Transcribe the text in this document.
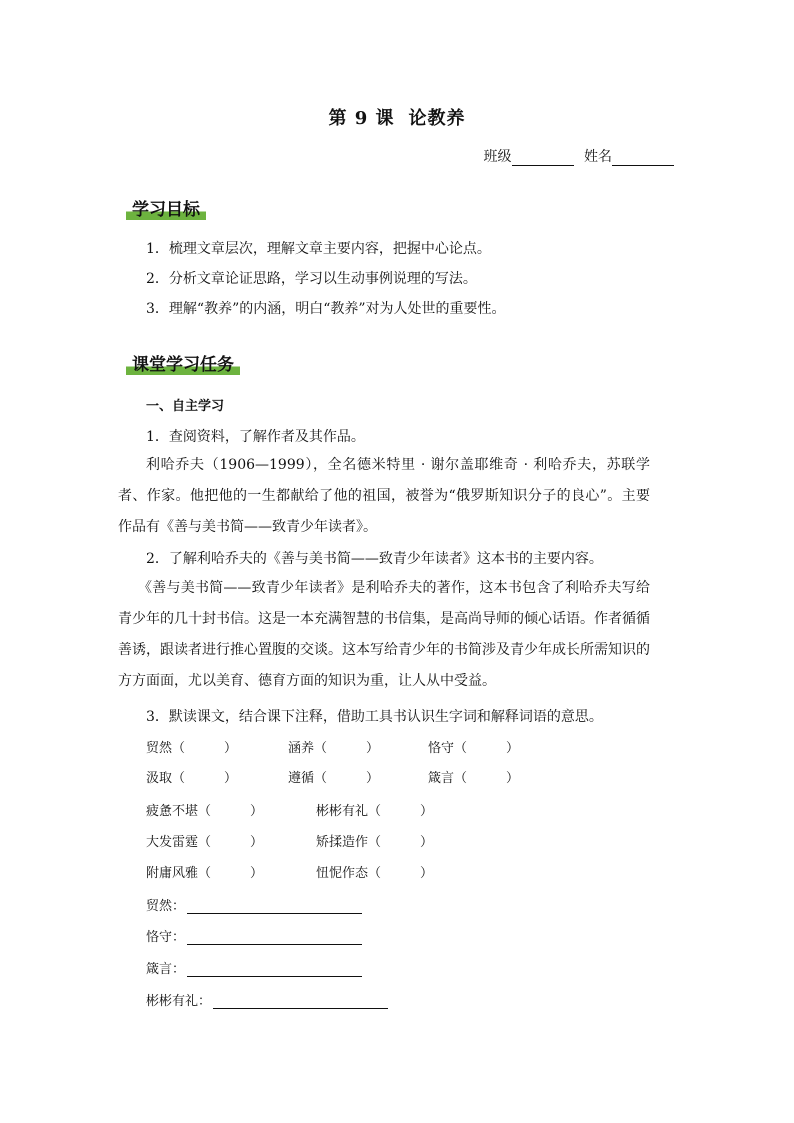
第 9 课 论教养
班级	姓名
学习目标
1．梳理文章层次，理解文章主要内容，把握中心论点。
2．分析文章论证思路，学习以生动事例说理的写法。
3．理解“教养”的内涵，明白“教养”对为人处世的重要性。
课堂学习任务
一、自主学习
1．查阅资料，了解作者及其作品。
利哈乔夫（1906—1999），全名德米特里 · 谢尔盖耶维奇 · 利哈乔夫，苏联学者、作家。他把他的一生都献给了他的祖国，被誉为“俄罗斯知识分子的良心”。主要作品有《善与美书简——致青少年读者》。
2．了解利哈乔夫的《善与美书简——致青少年读者》这本书的主要内容。
《善与美书简——致青少年读者》是利哈乔夫的著作，这本书包含了利哈乔夫写给青少年的几十封书信。这是一本充满智慧的书信集，是高尚导师的倾心话语。作者循循善诱，跟读者进行推心置腹的交谈。这本写给青少年的书简涉及青少年成长所需知识的方方面面，尤以美育、德育方面的知识为重，让人从中受益。
3．默读课文，结合课下注释，借助工具书认识生字词和解释词语的意思。
贸然（　　　）	涵养（　　　）	恪守（　　　）
汲取（　　　）	遵循（　　　）	箴言（　　　）
疲惫不堪（　　　）	彬彬有礼（　　　）
大发雷霆（　　　）	矫揉造作（　　　）
附庸风雅（　　　）	忸怩作态（　　　）
贸然：
恪守：
箴言：
彬彬有礼：
